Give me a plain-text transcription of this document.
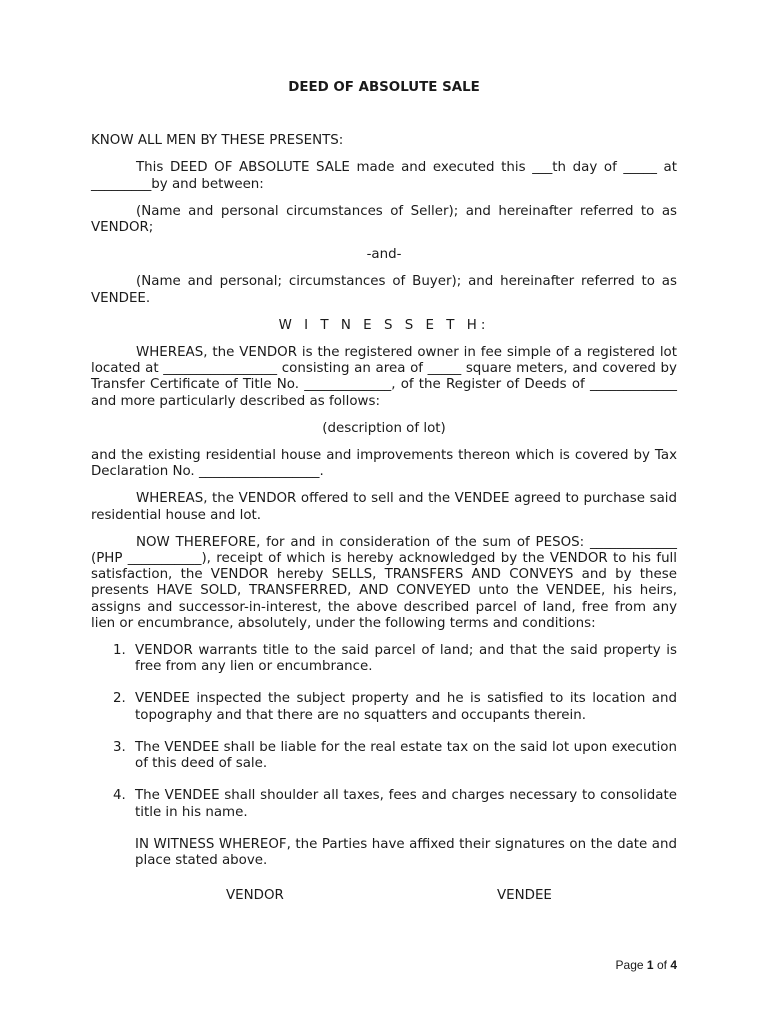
DEED OF ABSOLUTE SALE

KNOW ALL MEN BY THESE PRESENTS:

This DEED OF ABSOLUTE SALE made and executed this ___th day of _____ at _________by and between:

(Name and personal circumstances of Seller); and hereinafter referred to as VENDOR;

-and-

(Name and personal; circumstances of Buyer); and hereinafter referred to as VENDEE.

W I T N E S S E T H:

WHEREAS, the VENDOR is the registered owner in fee simple of a registered lot located at _________________ consisting an area of _____ square meters, and covered by Transfer Certificate of Title No. _____________, of the Register of Deeds of _____________ and more particularly described as follows:

(description of lot)

and the existing residential house and improvements thereon which is covered by Tax Declaration No. __________________.

WHEREAS, the VENDOR offered to sell and the VENDEE agreed to purchase said residential house and lot.

NOW THEREFORE, for and in consideration of the sum of PESOS: _____________ (PHP ___________), receipt of which is hereby acknowledged by the VENDOR to his full satisfaction, the VENDOR hereby SELLS, TRANSFERS AND CONVEYS and by these presents HAVE SOLD, TRANSFERRED, AND CONVEYED unto the VENDEE, his heirs, assigns and successor-in-interest, the above described parcel of land, free from any lien or encumbrance, absolutely, under the following terms and conditions:

1. VENDOR warrants title to the said parcel of land; and that the said property is free from any lien or encumbrance.
2. VENDEE inspected the subject property and he is satisfied to its location and topography and that there are no squatters and occupants therein.
3. The VENDEE shall be liable for the real estate tax on the said lot upon execution of this deed of sale.
4. The VENDEE shall shoulder all taxes, fees and charges necessary to consolidate title in his name.

IN WITNESS WHEREOF, the Parties have affixed their signatures on the date and place stated above.

VENDOR	VENDEE
Page 1 of 4
